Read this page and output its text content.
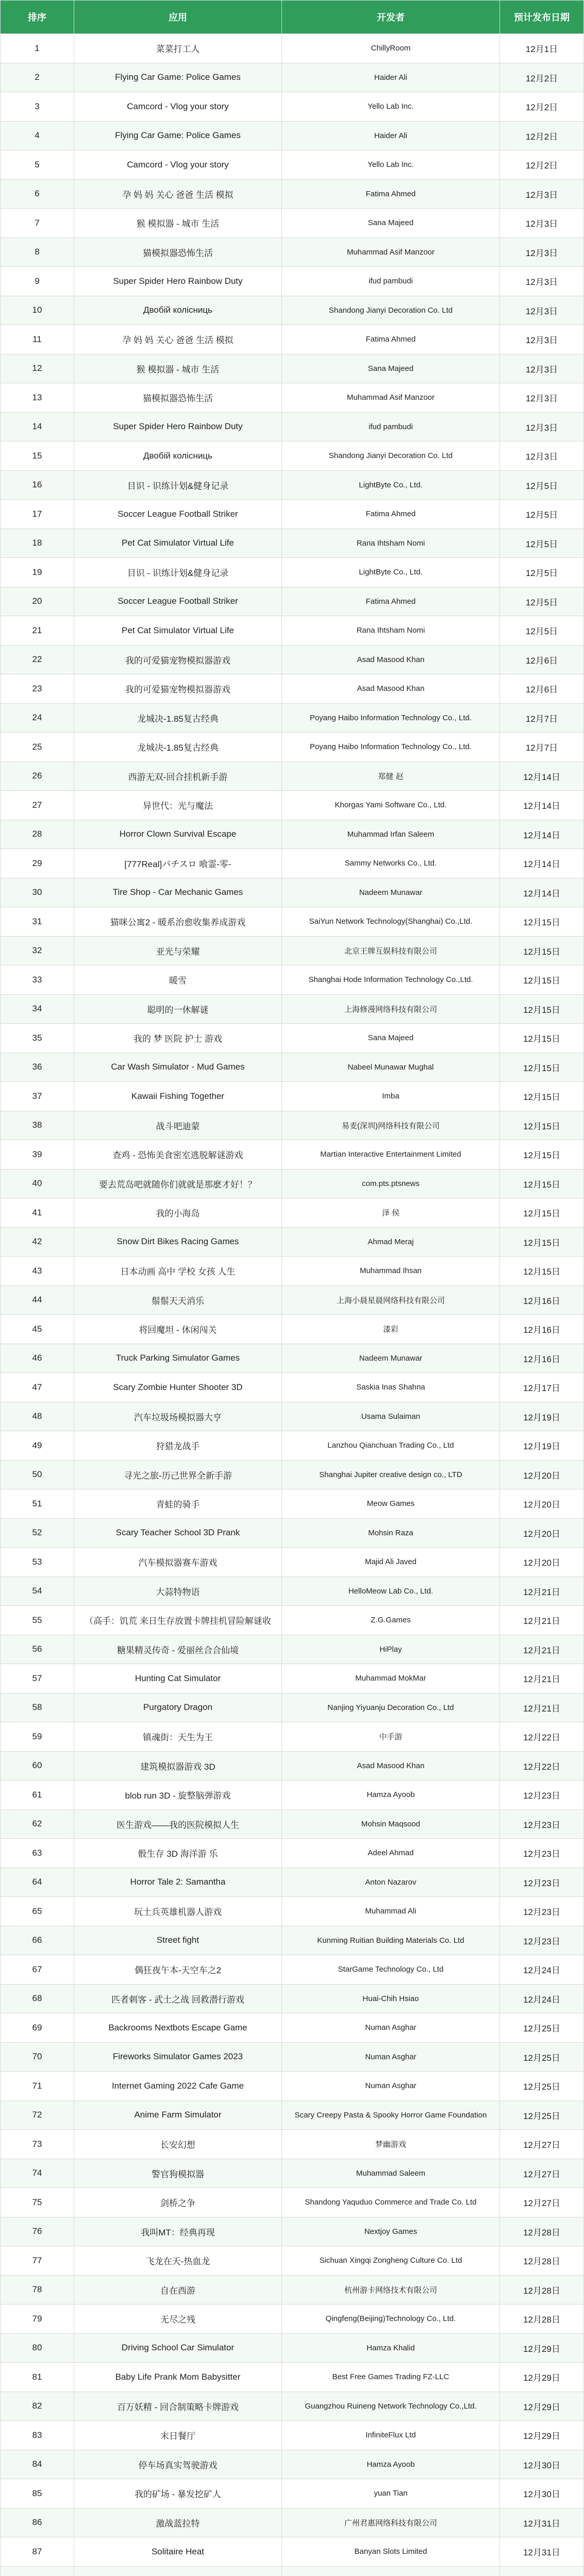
排序	应用	开发者	预计发布日期
1	菜菜打工人	ChillyRoom	12月1日
2	Flying Car Game: Police Games	Haider Ali	12月2日
3	Camcord - Vlog your story	Yello Lab Inc.	12月2日
4	Flying Car Game: Police Games	Haider Ali	12月2日
5	Camcord - Vlog your story	Yello Lab Inc.	12月2日
6	孕 妈 妈 关心 爸爸 生活 模拟	Fatima Ahmed	12月3日
7	猴 模拟器 - 城市 生活	Sana Majeed	12月3日
8	猫模拟器恐怖生活	Muhammad Asif Manzoor	12月3日
9	Super Spider Hero Rainbow Duty	ifud pambudi	12月3日
10	Двобій колісниць	Shandong Jianyi Decoration Co. Ltd	12月3日
11	孕 妈 妈 关心 爸爸 生活 模拟	Fatima Ahmed	12月3日
12	猴 模拟器 - 城市 生活	Sana Majeed	12月3日
13	猫模拟器恐怖生活	Muhammad Asif Manzoor	12月3日
14	Super Spider Hero Rainbow Duty	ifud pambudi	12月3日
15	Двобій колісниць	Shandong Jianyi Decoration Co. Ltd	12月3日
16	目识 - 识练计划&健身记录	LightByte Co., Ltd.	12月5日
17	Soccer League Football Striker	Fatima Ahmed	12月5日
18	Pet Cat Simulator Virtual Life	Rana Ihtsham Nomi	12月5日
19	目识 - 识练计划&健身记录	LightByte Co., Ltd.	12月5日
20	Soccer League Football Striker	Fatima Ahmed	12月5日
21	Pet Cat Simulator Virtual Life	Rana Ihtsham Nomi	12月5日
22	我的可爱猫宠物模拟器游戏	Asad Masood Khan	12月6日
23	我的可爱猫宠物模拟器游戏	Asad Masood Khan	12月6日
24	龙城决-1.85复古经典	Poyang Haibo Information Technology Co., Ltd.	12月7日
25	龙城决-1.85复古经典	Poyang Haibo Information Technology Co., Ltd.	12月7日
26	西游无双-回合挂机新手游	郑健 赵	12月14日
27	异世代：光与魔法	Khorgas Yami Software Co., Ltd.	12月14日
28	Horror Clown Survival Escape	Muhammad Irfan Saleem	12月14日
29	[777Real]パチスロ 喰霊-零-	Sammy Networks Co., Ltd.	12月14日
30	Tire Shop - Car Mechanic Games	Nadeem Munawar	12月14日
31	猫咪公寓2 - 暖系治愈收集养成游戏	SaiYun Network Technology(Shanghai) Co.,Ltd.	12月15日
32	亚光与荣耀	北京王牌互娱科技有限公司	12月15日
33	暖雪	Shanghai Hode Information Technology Co.,Ltd.	12月15日
34	聪明的一休解谜	上海修漫网络科技有限公司	12月15日
35	我的 梦 医院 护士 游戏	Sana Majeed	12月15日
36	Car Wash Simulator - Mud Games	Nabeel Munawar Mughal	12月15日
37	Kawaii Fishing Together	Imba	12月15日
38	战斗吧迪蒙	易麦(深圳)网络科技有限公司	12月15日
39	查鸡 - 恐怖美食密室逃脱解谜游戏	Martian Interactive Entertainment Limited	12月15日
40	要去荒岛吧就随你们就就是那麽才好！？	com.pts.ptsnews	12月15日
41	我的小海岛	泽 侯	12月15日
42	Snow Dirt Bikes Racing Games	Ahmad Meraj	12月15日
43	日本动画 高中 学校 女孩 人生	Muhammad Ihsan	12月15日
44	鬃鬃天天消乐	上海小晨星晨网络科技有限公司	12月16日
45	将回魔坦 - 休闲闯关	漆彩	12月16日
46	Truck Parking Simulator Games	Nadeem Munawar	12月16日
47	Scary Zombie Hunter Shooter 3D	Saskia Inas Shahna	12月17日
48	汽车垃圾场模拟器大亨	Usama Sulaiman	12月19日
49	狩猎龙战手	Lanzhou Qianchuan Trading Co., Ltd	12月19日
50	寻光之旅-历己世界全新手游	Shanghai Jupiter creative design co., LTD	12月20日
51	青蛙的骑手	Meow Games	12月20日
52	Scary Teacher School 3D Prank	Mohsin Raza	12月20日
53	汽车模拟器赛车游戏	Majid Ali Javed	12月20日
54	大蒜特物语	HelloMeow Lab Co., Ltd.	12月21日
55	（高手：饥荒 来日生存放置卡牌挂机冒险解谜收	Z.G.Games	12月21日
56	糖果精灵传奇 - 爱丽丝合合仙境	HiPlay	12月21日
57	Hunting Cat Simulator	Muhammad MokMar	12月21日
58	Purgatory Dragon	Nanjing Yiyuanju Decoration Co., Ltd	12月21日
59	镇魂街：天生为王	中手游	12月22日
60	建筑模拟器游戏 3D	Asad Masood Khan	12月22日
61	blob run 3D - 旋整脑弹游戏	Hamza Ayoob	12月23日
62	医生游戏——我的医院模拟人生	Mohsin Maqsood	12月23日
63	骰生存 3D 海洋游 乐	Adeel Ahmad	12月23日
64	Horror Tale 2: Samantha	Anton Nazarov	12月23日
65	玩土兵英雄机器人游戏	Muhammad Ali	12月23日
66	Street fight	Kunming Ruitian Building Materials Co. Ltd	12月23日
67	偶狂夜午本-天空车之2	StarGame Technology Co., Ltd	12月24日
68	匹者刺客 - 武士之战 回救潜行游戏	Huai-Chih Hsiao	12月24日
69	Backrooms Nextbots Escape Game	Numan Asghar	12月25日
70	Fireworks Simulator Games 2023	Numan Asghar	12月25日
71	Internet Gaming 2022 Cafe Game	Numan Asghar	12月25日
72	Anime Farm Simulator	Scary Creepy Pasta & Spooky Horror Game Foundation	12月25日
73	长安幻想	梦幽游戏	12月27日
74	警官狗模拟器	Muhammad Saleem	12月27日
75	剑桥之争	Shandong Yaquduo Commerce and Trade Co. Ltd	12月27日
76	我叫MT：经典再现	Nextjoy Games	12月28日
77	飞龙在天-热血龙	Sichuan Xingqi Zongheng Culture Co. Ltd	12月28日
78	自在西游	杭州游卡网络技术有限公司	12月28日
79	无尽之残	Qingfeng(Beijing)Technology Co., Ltd.	12月28日
80	Driving School Car Simulator	Hamza Khalid	12月29日
81	Baby Life Prank Mom Babysitter	Best Free Games Trading FZ-LLC	12月29日
82	百万妖精 - 回合制策略卡牌游戏	Guangzhou Ruineng Network Technology Co.,Ltd.	12月29日
83	末日餐厅	InfiniteFlux Ltd	12月29日
84	停车场真实驾驶游戏	Hamza Ayoob	12月30日
85	我的矿场 - 暴发挖矿人	yuan Tian	12月30日
86	激战蓝拉特	广州君惠网络科技有限公司	12月31日
87	Solitaire Heat	Banyan Slots Limited	12月31日
